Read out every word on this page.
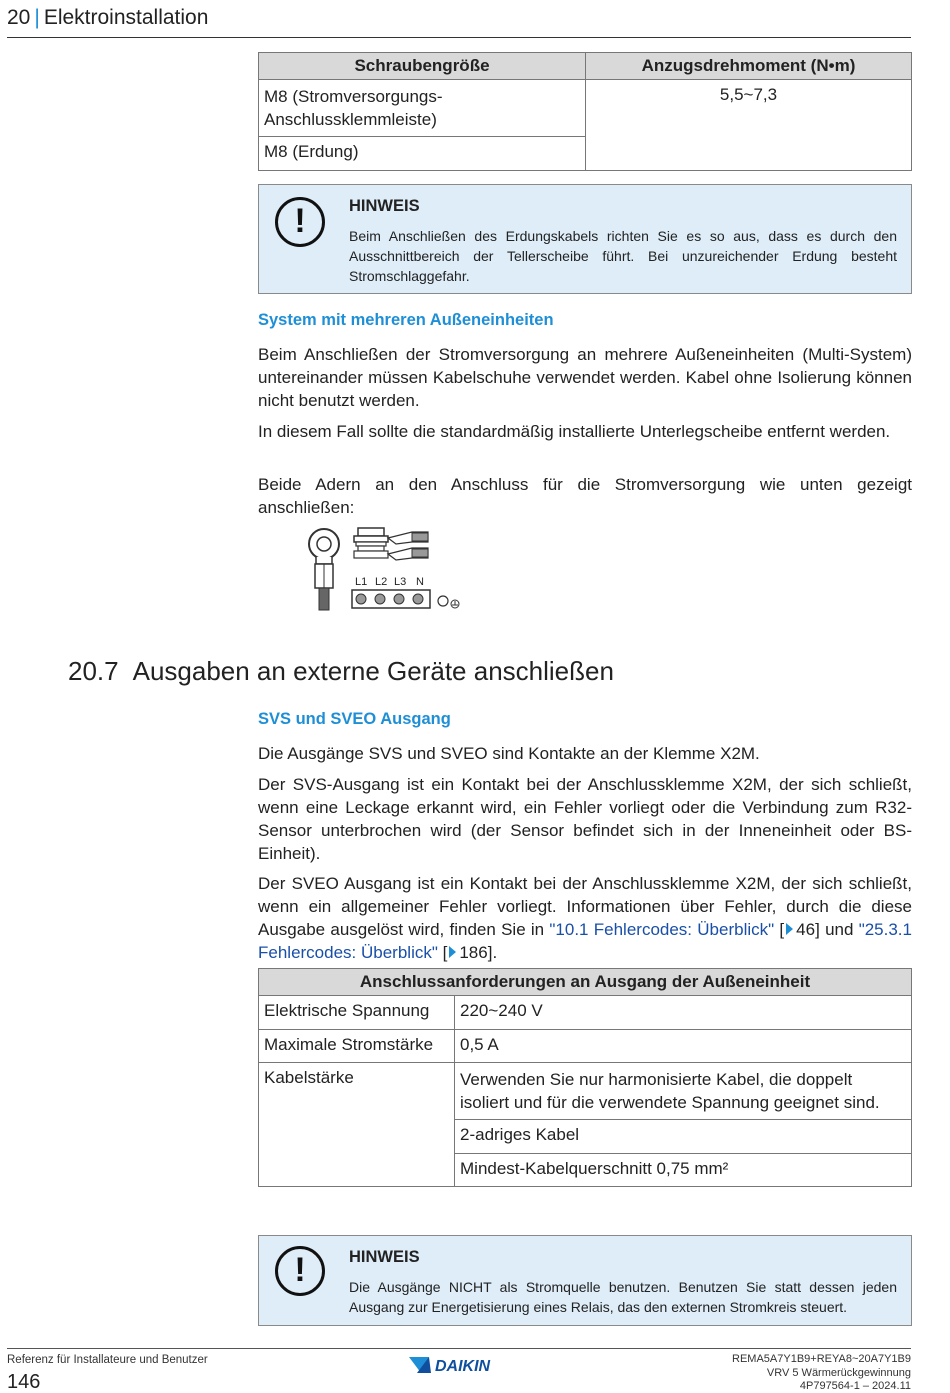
20 | Elektroinstallation
Schraubengröße	Anzugsdrehmoment (N•m)
M8 (Stromversorgungs-Anschlussklemmleiste)	5,5~7,3
M8 (Erdung)	
!	HINWEIS
Beim Anschließen des Erdungskabels richten Sie es so aus, dass es durch den Ausschnittbereich der Tellerscheibe führt. Bei unzureichender Erdung besteht Stromschlaggefahr.
System mit mehreren Außeneinheiten
Beim Anschließen der Stromversorgung an mehrere Außeneinheiten (Multi-System) untereinander müssen Kabelschuhe verwendet werden. Kabel ohne Isolierung können nicht benutzt werden.
In diesem Fall sollte die standardmäßig installierte Unterlegscheibe entfernt werden.
Beide Adern an den Anschluss für die Stromversorgung wie unten gezeigt anschließen:
L1 L2 L3 N
20.7 Ausgaben an externe Geräte anschließen
SVS und SVEO Ausgang
Die Ausgänge SVS und SVEO sind Kontakte an der Klemme X2M.
Der SVS-Ausgang ist ein Kontakt bei der Anschlussklemme X2M, der sich schließt, wenn eine Leckage erkannt wird, ein Fehler vorliegt oder die Verbindung zum R32-Sensor unterbrochen wird (der Sensor befindet sich in der Inneneinheit oder BS-Einheit).
Der SVEO Ausgang ist ein Kontakt bei der Anschlussklemme X2M, der sich schließt, wenn ein allgemeiner Fehler vorliegt. Informationen über Fehler, durch die diese Ausgabe ausgelöst wird, finden Sie in "10.1 Fehlercodes: Überblick" [ 46] und "25.3.1 Fehlercodes: Überblick" [ 186].
Anschlussanforderungen an Ausgang der Außeneinheit	
Elektrische Spannung	220~240 V
Maximale Stromstärke	0,5 A
Kabelstärke	Verwenden Sie nur harmonisierte Kabel, die doppelt isoliert und für die verwendete Spannung geeignet sind.
	2-adriges Kabel
	Mindest-Kabelquerschnitt 0,75 mm²
!	HINWEIS
Die Ausgänge NICHT als Stromquelle benutzen. Benutzen Sie statt dessen jeden Ausgang zur Energetisierung eines Relais, das den externen Stromkreis steuert.
Referenz für Installateure und Benutzer
146
DAIKIN	REMA5A7Y1B9+REYA8~20A7Y1B9
VRV 5 Wärmerückgewinnung
4P797564-1 – 2024.11
